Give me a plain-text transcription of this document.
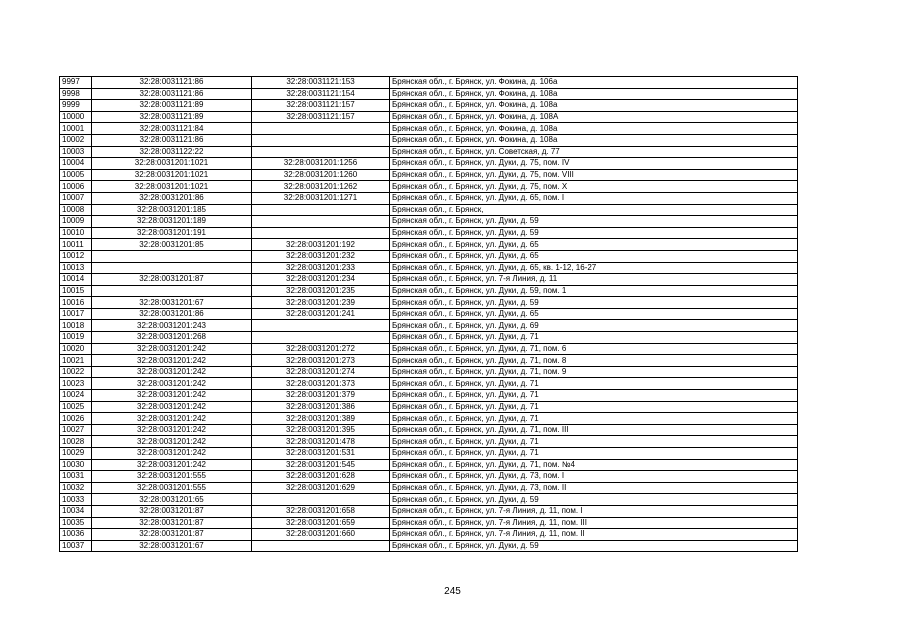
9997	32:28:0031121:86	32:28:0031121:153	Брянская обл., г. Брянск, ул. Фокина, д. 106а
9998	32:28:0031121:86	32:28:0031121:154	Брянская обл., г. Брянск, ул. Фокина, д. 108а
9999	32:28:0031121:89	32:28:0031121:157	Брянская обл., г. Брянск, ул. Фокина, д. 108а
10000	32:28:0031121:89	32:28:0031121:157	Брянская обл., г. Брянск, ул. Фокина, д. 108А
10001	32:28:0031121:84		Брянская обл., г. Брянск, ул. Фокина, д. 108а
10002	32:28:0031121:86		Брянская обл., г. Брянск, ул. Фокина, д. 108а
10003	32:28:0031122:22		Брянская обл., г. Брянск, ул. Советская, д. 77
10004	32:28:0031201:1021	32:28:0031201:1256	Брянская обл., г. Брянск, ул. Дуки, д. 75, пом. IV
10005	32:28:0031201:1021	32:28:0031201:1260	Брянская обл., г. Брянск, ул. Дуки, д. 75, пом. VIII
10006	32:28:0031201:1021	32:28:0031201:1262	Брянская обл., г. Брянск, ул. Дуки, д. 75, пом. X
10007	32:28:0031201:86	32:28:0031201:1271	Брянская обл., г. Брянск, ул. Дуки, д. 65, пом. I
10008	32:28:0031201:185		Брянская обл., г. Брянск,
10009	32:28:0031201:189		Брянская обл., г. Брянск, ул. Дуки, д. 59
10010	32:28:0031201:191		Брянская обл., г. Брянск, ул. Дуки, д. 59
10011	32:28:0031201:85	32:28:0031201:192	Брянская обл., г. Брянск, ул. Дуки, д. 65
10012		32:28:0031201:232	Брянская обл., г. Брянск, ул. Дуки, д. 65
10013		32:28:0031201:233	Брянская обл., г. Брянск, ул. Дуки, д. 65, кв. 1-12, 16-27
10014	32:28:0031201:87	32:28:0031201:234	Брянская обл., г. Брянск, ул. 7-я Линия, д. 11
10015		32:28:0031201:235	Брянская обл., г. Брянск, ул. Дуки, д. 59, пом. 1
10016	32:28:0031201:67	32:28:0031201:239	Брянская обл., г. Брянск, ул. Дуки, д. 59
10017	32:28:0031201:86	32:28:0031201:241	Брянская обл., г. Брянск, ул. Дуки, д. 65
10018	32:28:0031201:243		Брянская обл., г. Брянск, ул. Дуки, д. 69
10019	32:28:0031201:268		Брянская обл., г. Брянск, ул. Дуки, д. 71
10020	32:28:0031201:242	32:28:0031201:272	Брянская обл., г. Брянск, ул. Дуки, д. 71, пом. 6
10021	32:28:0031201:242	32:28:0031201:273	Брянская обл., г. Брянск, ул. Дуки, д. 71, пом. 8
10022	32:28:0031201:242	32:28:0031201:274	Брянская обл., г. Брянск, ул. Дуки, д. 71, пом. 9
10023	32:28:0031201:242	32:28:0031201:373	Брянская обл., г. Брянск, ул. Дуки, д. 71
10024	32:28:0031201:242	32:28:0031201:379	Брянская обл., г. Брянск, ул. Дуки, д. 71
10025	32:28:0031201:242	32:28:0031201:386	Брянская обл., г. Брянск, ул. Дуки, д. 71
10026	32:28:0031201:242	32:28:0031201:389	Брянская обл., г. Брянск, ул. Дуки, д. 71
10027	32:28:0031201:242	32:28:0031201:395	Брянская обл., г. Брянск, ул. Дуки, д. 71, пом. III
10028	32:28:0031201:242	32:28:0031201:478	Брянская обл., г. Брянск, ул. Дуки, д. 71
10029	32:28:0031201:242	32:28:0031201:531	Брянская обл., г. Брянск, ул. Дуки, д. 71
10030	32:28:0031201:242	32:28:0031201:545	Брянская обл., г. Брянск, ул. Дуки, д. 71, пом. №4
10031	32:28:0031201:555	32:28:0031201:628	Брянская обл., г. Брянск, ул. Дуки, д. 73, пом. I
10032	32:28:0031201:555	32:28:0031201:629	Брянская обл., г. Брянск, ул. Дуки, д. 73, пом. II
10033	32:28:0031201:65		Брянская обл., г. Брянск, ул. Дуки, д. 59
10034	32:28:0031201:87	32:28:0031201:658	Брянская обл., г. Брянск, ул. 7-я Линия, д. 11, пом. I
10035	32:28:0031201:87	32:28:0031201:659	Брянская обл., г. Брянск, ул. 7-я Линия, д. 11, пом. III
10036	32:28:0031201:87	32:28:0031201:660	Брянская обл., г. Брянск, ул. 7-я Линия, д. 11, пом. II
10037	32:28:0031201:67		Брянская обл., г. Брянск, ул. Дуки, д. 59
245
